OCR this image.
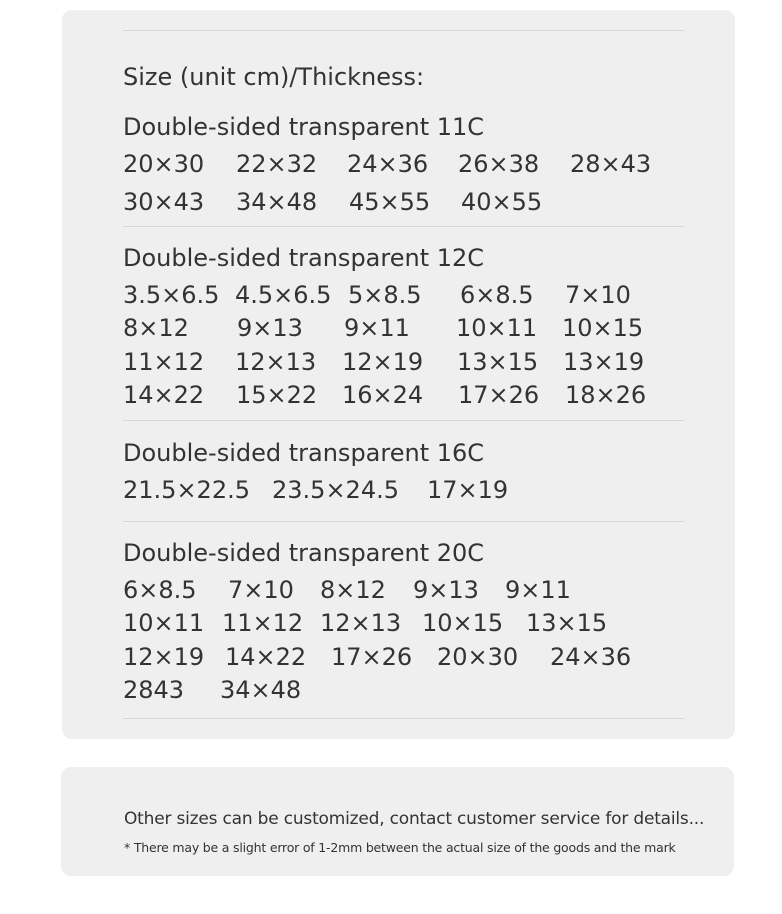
Size (unit cm)/Thickness:
Double-sided transparent 11C
20×30 22×32 24×36 26×38 28×43
30×43 34×48 45×55 40×55
Double-sided transparent 12C
3.5×6.5 4.5×6.5 5×8.5 6×8.5 7×10
8×12 9×13 9×11 10×11 10×15
11×12 12×13 12×19 13×15 13×19
14×22 15×22 16×24 17×26 18×26
Double-sided transparent 16C
21.5×22.5 23.5×24.5 17×19
Double-sided transparent 20C
6×8.5 7×10 8×12 9×13 9×11
10×11 11×12 12×13 10×15 13×15
12×19 14×22 17×26 20×30 24×36
2843 34×48
Other sizes can be customized, contact customer service for details...
* There may be a slight error of 1-2mm between the actual size of the goods and the mark
